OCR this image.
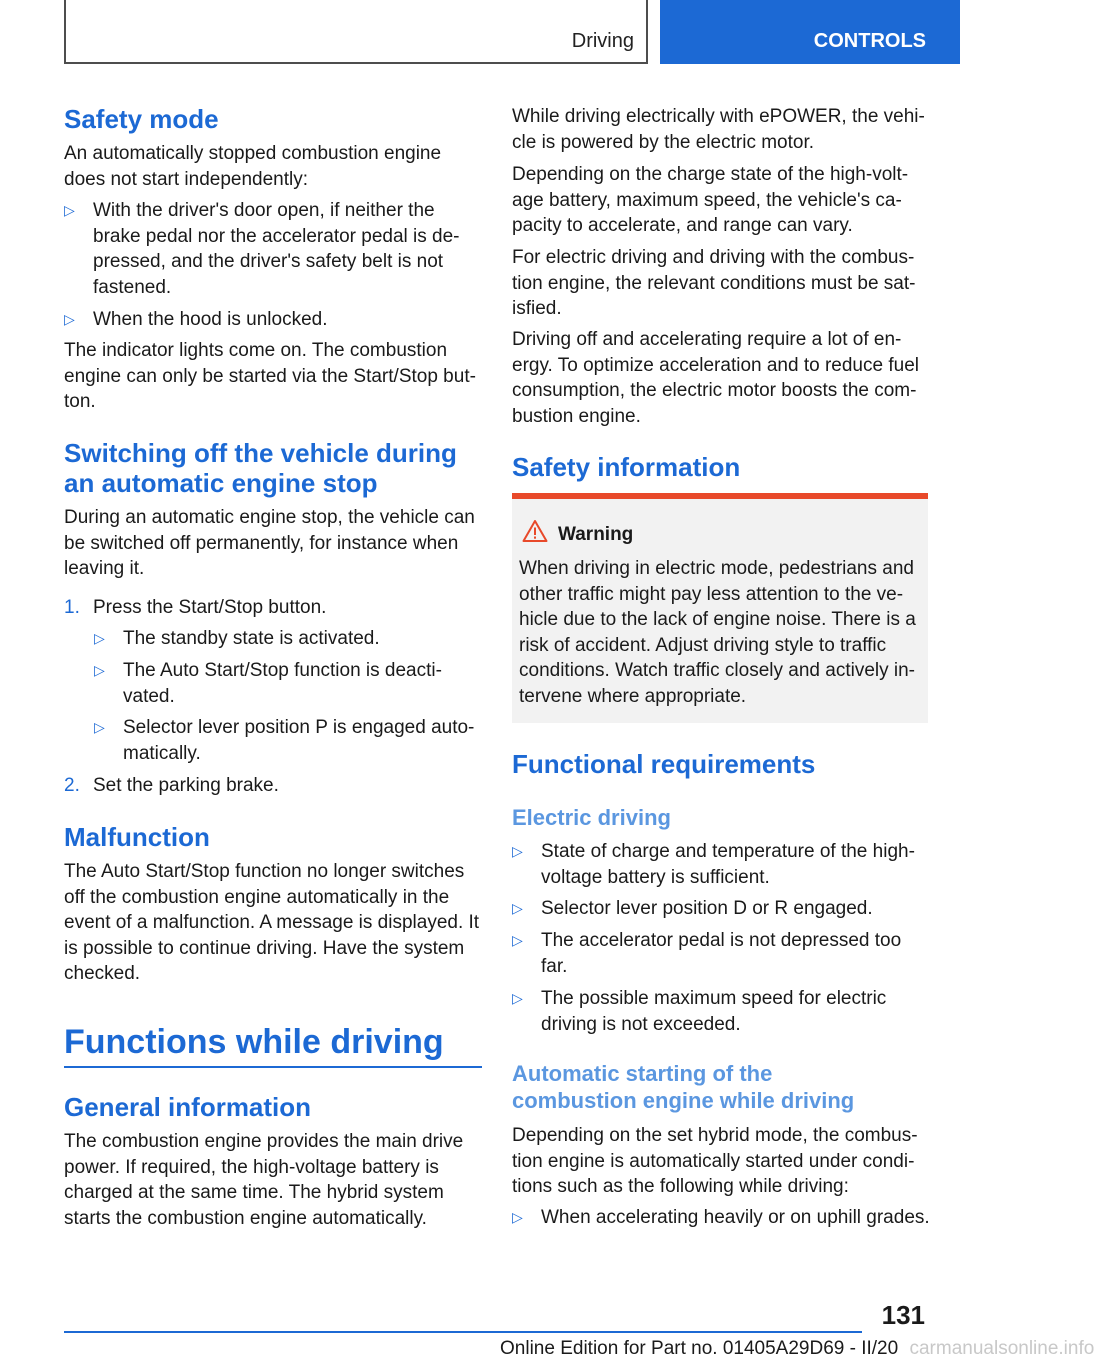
Driving	CONTROLS
Safety mode
An automatically stopped combustion engine
does not start independently:
▷ With the driver's door open, if neither the
brake pedal nor the accelerator pedal is de-
pressed, and the driver's safety belt is not
fastened.
▷ When the hood is unlocked.
The indicator lights come on. The combustion
engine can only be started via the Start/Stop but-
ton.
Switching off the vehicle during
an automatic engine stop
During an automatic engine stop, the vehicle can
be switched off permanently, for instance when
leaving it.
1. Press the Start/Stop button.
▷ The standby state is activated.
▷ The Auto Start/Stop function is deacti-
vated.
▷ Selector lever position P is engaged auto-
matically.
2. Set the parking brake.
Malfunction
The Auto Start/Stop function no longer switches
off the combustion engine automatically in the
event of a malfunction. A message is displayed. It
is possible to continue driving. Have the system
checked.
Functions while driving
General information
The combustion engine provides the main drive
power. If required, the high-voltage battery is
charged at the same time. The hybrid system
starts the combustion engine automatically.
While driving electrically with ePOWER, the vehi-
cle is powered by the electric motor.
Depending on the charge state of the high-volt-
age battery, maximum speed, the vehicle's ca-
pacity to accelerate, and range can vary.
For electric driving and driving with the combus-
tion engine, the relevant conditions must be sat-
isfied.
Driving off and accelerating require a lot of en-
ergy. To optimize acceleration and to reduce fuel
consumption, the electric motor boosts the com-
bustion engine.
Safety information
Warning
When driving in electric mode, pedestrians and
other traffic might pay less attention to the ve-
hicle due to the lack of engine noise. There is a
risk of accident. Adjust driving style to traffic
conditions. Watch traffic closely and actively in-
tervene where appropriate.
Functional requirements
Electric driving
▷ State of charge and temperature of the high-
voltage battery is sufficient.
▷ Selector lever position D or R engaged.
▷ The accelerator pedal is not depressed too
far.
▷ The possible maximum speed for electric
driving is not exceeded.
Automatic starting of the
combustion engine while driving
Depending on the set hybrid mode, the combus-
tion engine is automatically started under condi-
tions such as the following while driving:
▷ When accelerating heavily or on uphill grades.
131
Online Edition for Part no. 01405A29D69 - II/20 carmanualsonline.info
